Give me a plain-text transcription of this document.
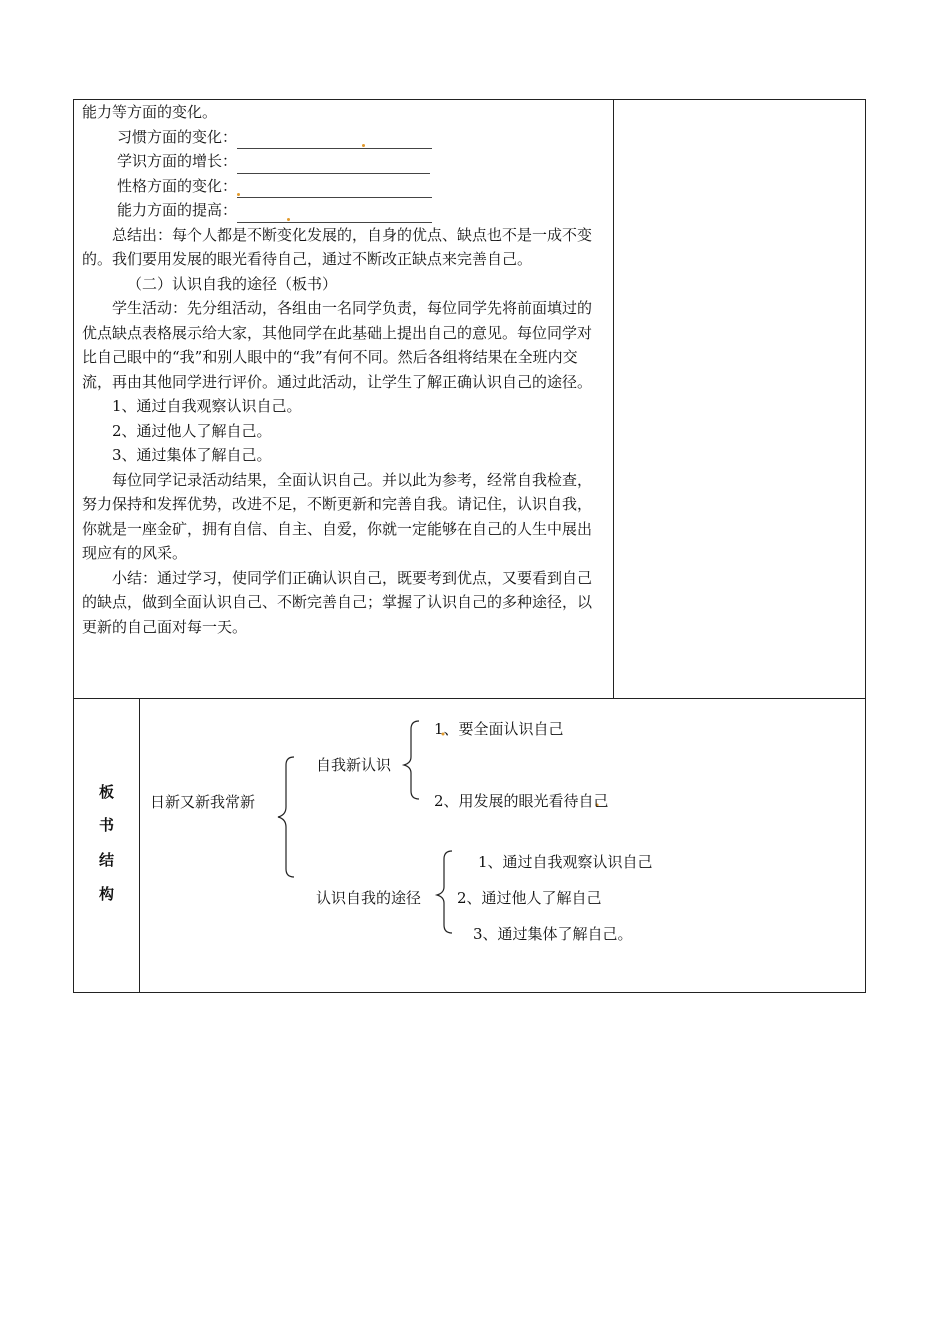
能力等方面的变化。

习惯方面的变化：
学识方面的增长：
性格方面的变化：
能力方面的提高：

总结出：每个人都是不断变化发展的，自身的优点、缺点也不是一成不变的。我们要用发展的眼光看待自己，通过不断改正缺点来完善自己。

（二）认识自我的途径（板书）

学生活动：先分组活动，各组由一名同学负责，每位同学先将前面填过的优点缺点表格展示给大家，其他同学在此基础上提出自己的意见。每位同学对比自己眼中的“我”和别人眼中的“我”有何不同。然后各组将结果在全班内交流，再由其他同学进行评价。通过此活动，让学生了解正确认识自己的途径。

1、通过自我观察认识自己。

2、通过他人了解自己。

3、通过集体了解自己。

每位同学记录活动结果，全面认识自己。并以此为参考，经常自我检查，努力保持和发挥优势，改进不足，不断更新和完善自我。请记住，认识自我，你就是一座金矿，拥有自信、自主、自爱，你就一定能够在自己的人生中展出现应有的风采。

小结：通过学习，使同学们正确认识自己，既要考到优点，又要看到自己的缺点，做到全面认识自己、不断完善自己；掌握了认识自己的多种途径，以更新的自己面对每一天。

板
书
结
构
日新又新我常新
自我新认识
1、要全面认识自己
2、用发展的眼光看待自己
认识自我的途径
1、通过自我观察认识自己
2、通过他人了解自己
3、通过集体了解自己。
